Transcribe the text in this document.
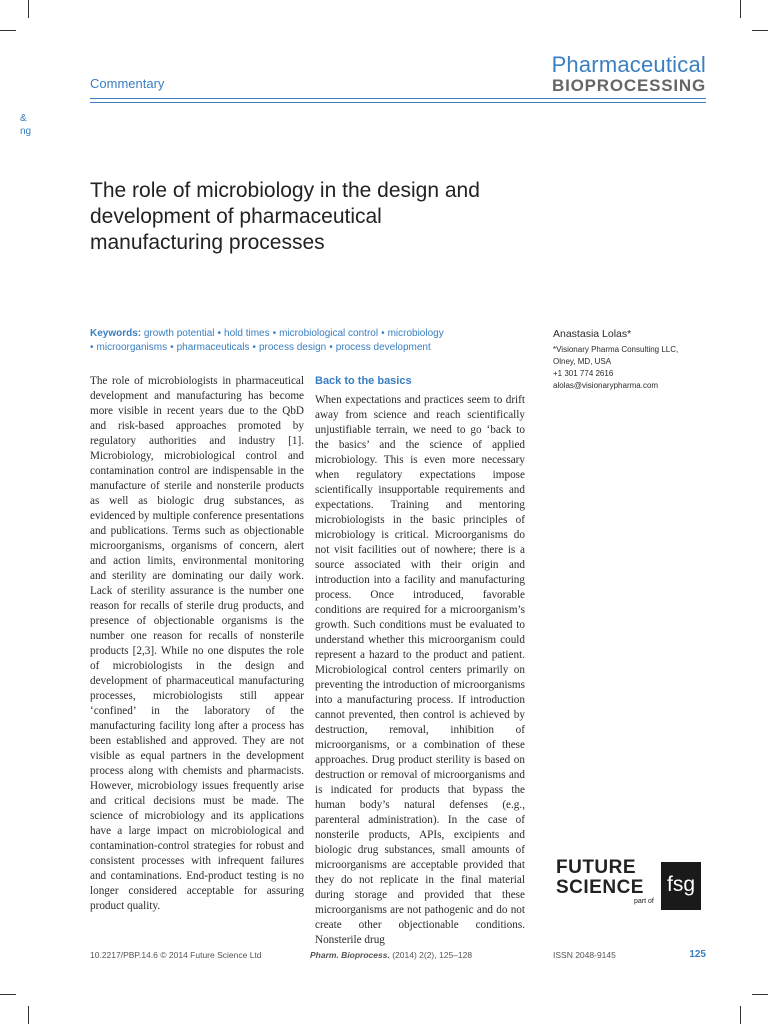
Commentary
Pharmaceutical
BIOPROCESSING
&
ng
The role of microbiology in the design and development of pharmaceutical manufacturing processes
Keywords: growth potential • hold times • microbiological control • microbiology
• microorganisms • pharmaceuticals • process design • process development
Anastasia Lolas*
*Visionary Pharma Consulting LLC,
Olney, MD, USA
+1 301 774 2616
alolas@visionarypharma.com

The role of microbiologists in pharmaceutical development and manufacturing has become more visible in recent years due to the QbD and risk-based approaches promoted by regulatory authorities and industry [1]. Microbiology, microbiological control and contamination control are indispensable in the manufacture of sterile and nonsterile products as well as biologic drug substances, as evidenced by multiple conference presentations and publications. Terms such as objectionable microorganisms, organisms of concern, alert and action limits, environmental monitoring and sterility are dominating our daily work. Lack of sterility assurance is the number one reason for recalls of sterile drug products, and presence of objectionable organisms is the number one reason for recalls of nonsterile products [2,3]. While no one disputes the role of microbiologists in the design and development of pharmaceutical manufacturing processes, microbiologists still appear ‘confined’ in the laboratory of the manufacturing facility long after a process has been established and approved. They are not visible as equal partners in the development process along with chemists and pharmacists. However, microbiology issues frequently arise and critical decisions must be made. The science of microbiology and its applications have a large impact on microbiological and contamination-control strategies for robust and consistent processes with infrequent failures and contaminations. End-product testing is no longer considered acceptable for assuring product quality.

Back to the basics

When expectations and practices seem to drift away from science and reach scientifically unjustifiable terrain, we need to go ‘back to the basics’ and the science of applied microbiology. This is even more necessary when regulatory expectations impose scientifically insupportable requirements and expectations. Training and mentoring microbiologists in the basic principles of microbiology is critical. Microorganisms do not visit facilities out of nowhere; there is a source associated with their origin and introduction into a facility and manufacturing process. Once introduced, favorable conditions are required for a microorganism’s growth. Such conditions must be evaluated to understand whether this microorganism could represent a hazard to the product and patient. Microbiological control centers primarily on preventing the introduction of microorganisms into a manufacturing process. If introduction cannot prevented, then control is achieved by destruction, removal, inhibition of microorganisms, or a combination of these approaches. Drug product sterility is based on destruction or removal of microorganisms and is indicated for products that bypass the human body’s natural defenses (e.g., parenteral administration). In the case of nonsterile products, APIs, excipients and biologic drug substances, small amounts of microorganisms are acceptable provided that they do not replicate in the final material during storage and provided that these microorganisms are not pathogenic and do not create other objectionable conditions. Nonsterile drug

FUTURE
SCIENCE
part of
fsg
10.2217/PBP.14.6 © 2014 Future Science Ltd	Pharm. Bioprocess. (2014) 2(2), 125–128	ISSN 2048-9145	125
